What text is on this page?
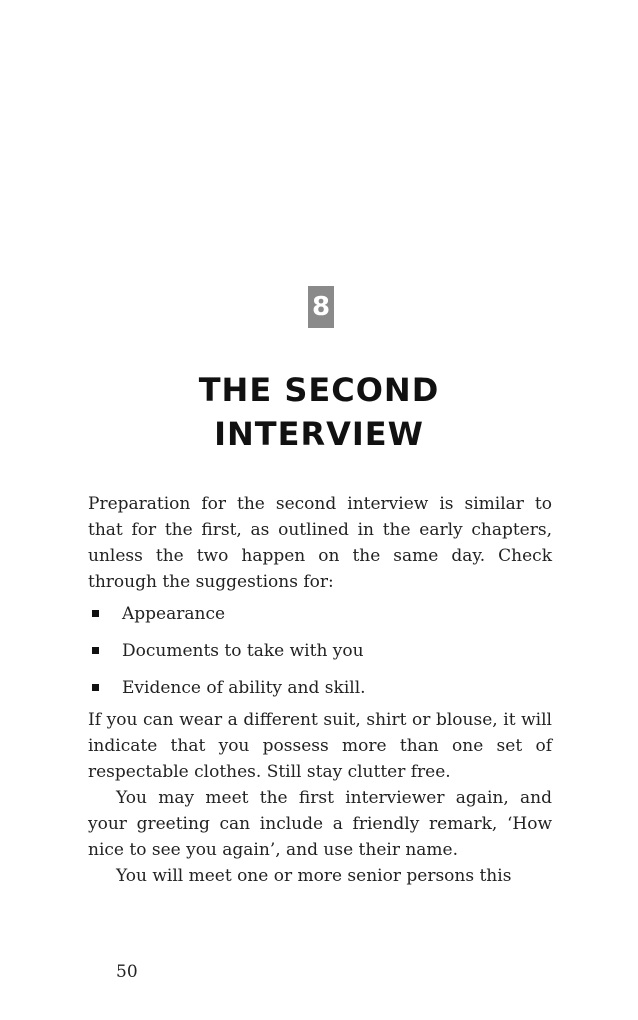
8
THE SECOND
INTERVIEW

Preparation for the second interview is similar to that for the first, as outlined in the early chapters, unless the two happen on the same day. Check through the suggestions for:

Appearance
Documents to take with you
Evidence of ability and skill.

If you can wear a different suit, shirt or blouse, it will indicate that you possess more than one set of respectable clothes. Still stay clutter free.

You may meet the first interviewer again, and your greeting can include a friendly remark, ‘How nice to see you again’, and use their name.

You will meet one or more senior persons this

50
